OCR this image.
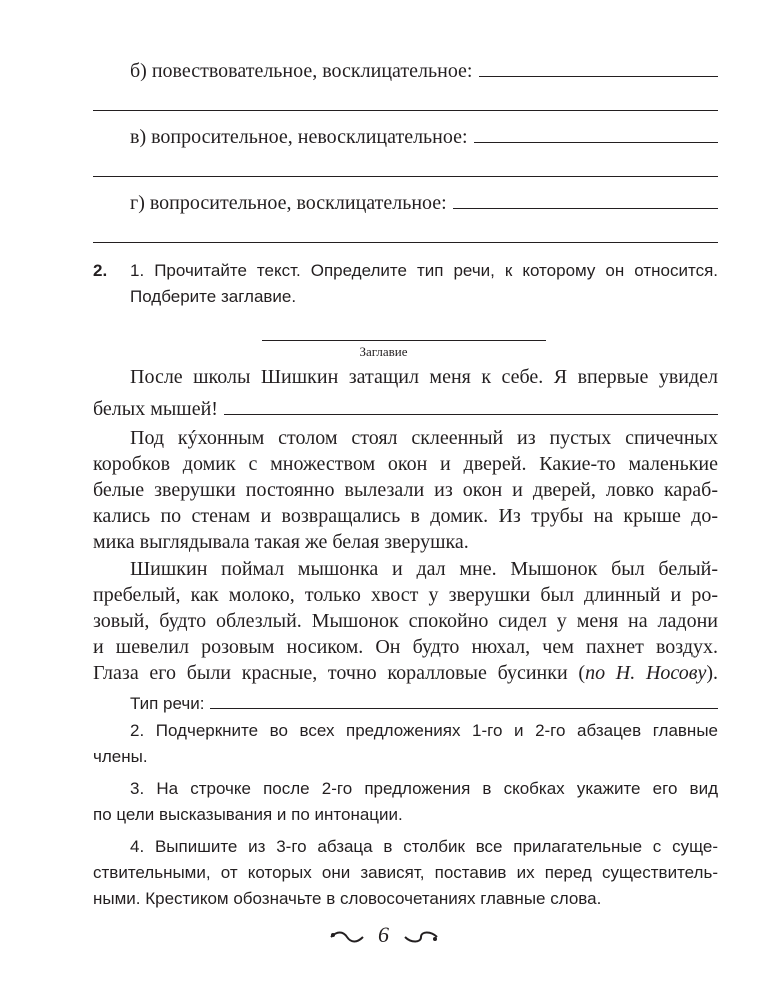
б) повествовательное, восклицательное:
в) вопросительное, невосклицательное:
г) вопросительное, восклицательное:
2. 1. Прочитайте текст. Определите тип речи, к которому он относится.
Подберите заглавие.
Заглавие
После школы Шишкин затащил меня к себе. Я впервые увидел
белых мышей!
Под кýхонным столом стоял склеенный из пустых спичечных
коробков домик с множеством окон и дверей. Какие-то маленькие
белые зверушки постоянно вылезали из окон и дверей, ловко караб-
кались по стенам и возвращались в домик. Из трубы на крыше до-
мика выглядывала такая же белая зверушка.
Шишкин поймал мышонка и дал мне. Мышонок был белый-
пребелый, как молоко, только хвост у зверушки был длинный и ро-
зовый, будто облезлый. Мышонок спокойно сидел у меня на ладони
и шевелил розовым носиком. Он будто нюхал, чем пахнет воздух.
Глаза его были красные, точно коралловые бусинки (по Н. Носову).
Тип речи:
2. Подчеркните во всех предложениях 1-го и 2-го абзацев главные
члены.
3. На строчке после 2-го предложения в скобках укажите его вид
по цели высказывания и по интонации.
4. Выпишите из 3-го абзаца в столбик все прилагательные с суще-
ствительными, от которых они зависят, поставив их перед существитель-
ными. Крестиком обозначьте в словосочетаниях главные слова.
6
